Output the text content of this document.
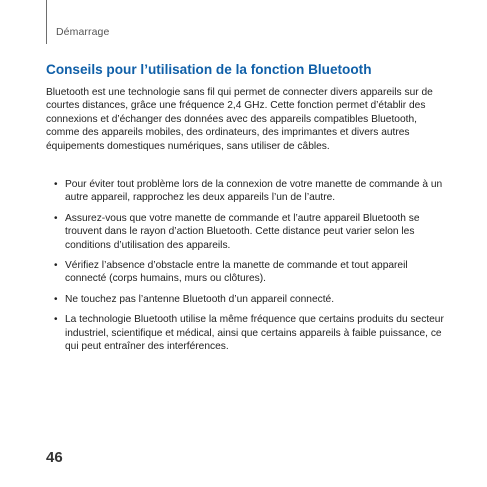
Démarrage
Conseils pour l’utilisation de la fonction Bluetooth

Bluetooth est une technologie sans fil qui permet de connecter divers appareils sur de courtes distances, grâce une fréquence 2,4 GHz. Cette fonction permet d’établir des connexions et d’échanger des données avec des appareils compatibles Bluetooth, comme des appareils mobiles, des ordinateurs, des imprimantes et divers autres équipements domestiques numériques, sans utiliser de câbles.

• Pour éviter tout problème lors de la connexion de votre manette de commande à un autre appareil, rapprochez les deux appareils l’un de l’autre.
• Assurez-vous que votre manette de commande et l’autre appareil Bluetooth se trouvent dans le rayon d’action Bluetooth. Cette distance peut varier selon les conditions d’utilisation des appareils.
• Vérifiez l’absence d’obstacle entre la manette de commande et tout appareil connecté (corps humains, murs ou clôtures).
• Ne touchez pas l’antenne Bluetooth d’un appareil connecté.
• La technologie Bluetooth utilise la même fréquence que certains produits du secteur industriel, scientifique et médical, ainsi que certains appareils à faible puissance, ce qui peut entraîner des interférences.
46
